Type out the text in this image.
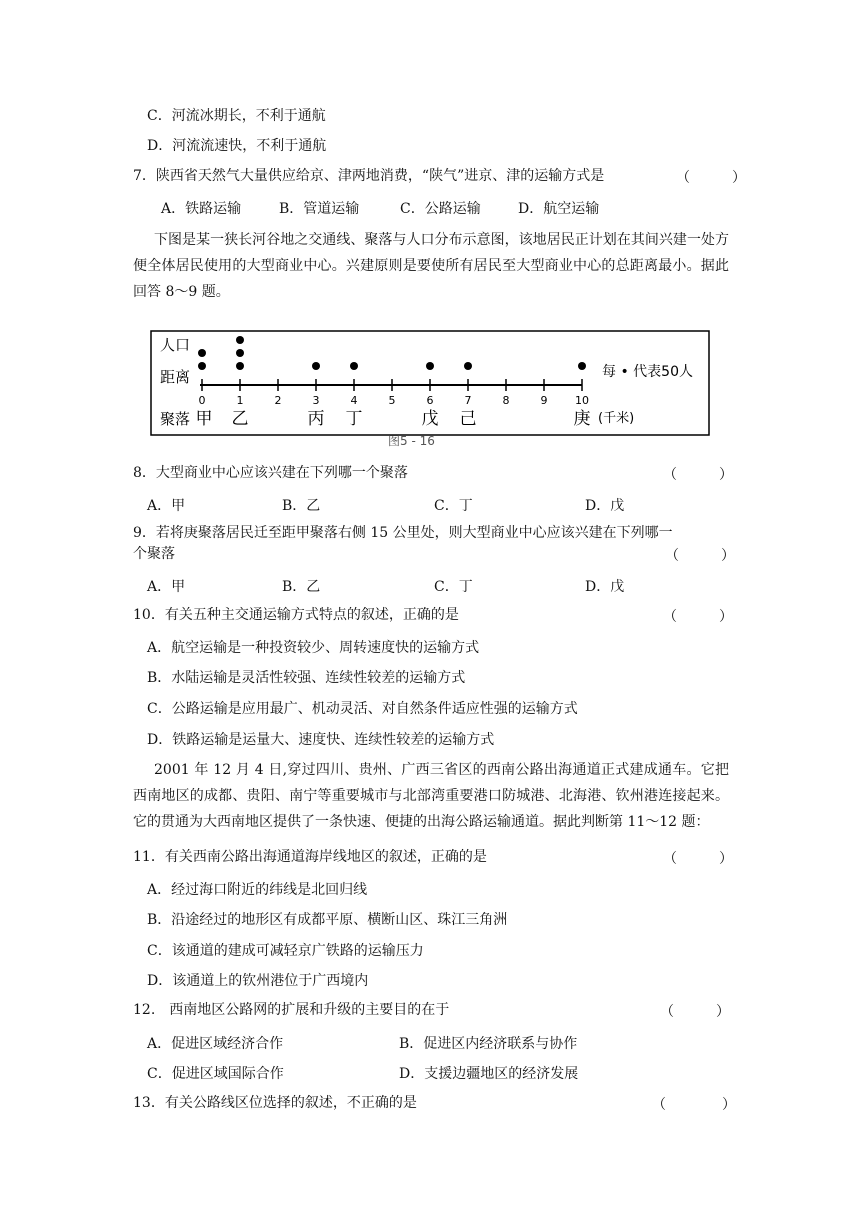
C．河流冰期长，不利于通航
D．河流流速快，不利于通航
7．陕西省天然气大量供应给京、津两地消费，“陕气”进京、津的运输方式是	（　　　）
A．铁路运输	B．管道运输	C．公路运输	D．航空运输
下图是某一狭长河谷地之交通线、聚落与人口分布示意图，该地居民正计划在其间兴建一处方便全体居民使用的大型商业中心。兴建原则是要使所有居民至大型商业中心的总距离最小。据此回答 8～9 题。
人口
距离
聚落
0	1	2	3	4	5	6	7	8	9	10
甲 乙	丙 丁	戊 己	庚
每 • 代表50人
(千米)
图5 - 16
8．大型商业中心应该兴建在下列哪一个聚落	（　　　）
A．甲	B．乙	C．丁	D．戊
9．若将庚聚落居民迁至距甲聚落右侧 15 公里处，则大型商业中心应该兴建在下列哪一
个聚落	（　　　）
A．甲	B．乙	C．丁	D．戊
10．有关五种主交通运输方式特点的叙述，正确的是	（　　　）
A．航空运输是一种投资较少、周转速度快的运输方式
B．水陆运输是灵活性较强、连续性较差的运输方式
C．公路运输是应用最广、机动灵活、对自然条件适应性强的运输方式
D．铁路运输是运量大、速度快、连续性较差的运输方式
2001 年 12 月 4 日,穿过四川、贵州、广西三省区的西南公路出海通道正式建成通车。它把西南地区的成都、贵阳、南宁等重要城市与北部湾重要港口防城港、北海港、钦州港连接起来。它的贯通为大西南地区提供了一条快速、便捷的出海公路运输通道。据此判断第 11～12 题：
11．有关西南公路出海通道海岸线地区的叙述，正确的是	（　　　）
A．经过海口附近的纬线是北回归线
B．沿途经过的地形区有成都平原、横断山区、珠江三角洲
C．该通道的建成可减轻京广铁路的运输压力
D．该通道上的钦州港位于广西境内
12.　西南地区公路网的扩展和升级的主要目的在于	（　　　）
A．促进区域经济合作	B．促进区内经济联系与协作
C．促进区域国际合作	D．支援边疆地区的经济发展
13．有关公路线区位选择的叙述，不正确的是	（　　　　）
